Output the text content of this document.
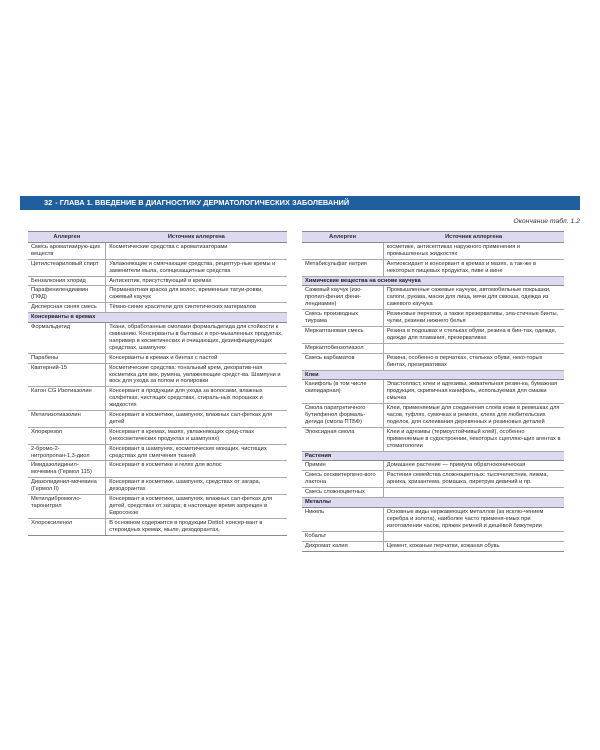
32 - ГЛАВА 1. ВВЕДЕНИЕ В ДИАГНОСТИКУ ДЕРМАТОЛОГИЧЕСКИХ ЗАБОЛЕВАНИЙ
Окончание табл. 1.2
Аллерген	Источник аллергена
Смесь ароматизирую-щих веществ	Косметические средства с ароматизаторами
Цетилстеариловый спирт	Увлажняющие и смягчающие средства, рецептур-ные кремы и заменители мыла, солнцезащитные средства
Бензалкония хлорид	Антисептик, присутствующий в кремах
Парафенилендиамин (ПФД)	Перманентная краска для волос, временные татуи-ровки, сажевый каучук
Дисперсная синяя смесь	Тёмно-синие красители для синтетических материалов
Консерванты в кремах	
Формальдегид	Ткани, обработанные смолами формальдегида для стойкости к сминанию. Консерванты в бытовых и про-мышленных продуктах, например в косметических и очищающих, дезинфицирующих средствах, шампунях
Парабены	Консерванты в кремах и бинтах с пастой
Кватерний-15	Косметические средства: тональный крем, декоратив-ная косметика для век, румяна, увлажняющие средст-ва. Шампуни и воск для ухода за полом и полировки
Катон CG Изотиазолин	Консервант в продукции для ухода за волосами, влажных салфетках, чистящих средствах, стираль-ных порошках и жидкостях
Метилизотиазолин	Консервант в косметике, шампунях, влажных сал-фетках для детей
Хлоркрезол	Консервант в кремах, мазях, увлажняющих сред-ствах (нехосметических продуктах и шампунях)
2-бромо-2-нитропропан-1,3-диол	Консервант в шампунях, косметических моющих, чистящих средствах для смягчения тканей
Имидазолидинил-мочевина (Гермол 115)	Консервант в косметике и гелях для волос
Диазолидинил-мочевина (Гермол II)	Консервант в косметике, шампунях, средствах от загара, дезодорантах
Метилдибромогло-таронитрил	Консервант в косметике, шампунях, влажных сал-фетках для детей, средствах от загара; в настоящее время запрещен в Евросоюзе
Хлороксиленол	В основном содержится в продукции Dettol: консер-вант в стероидных кремах, мыле, дезодорантах,
Аллерген	Источник аллергена
	косметике, антисептиках наружного применения и промышленных жидкостях
Метабисульфат натрия	Антиоксидант и консервант в кремах и мазях, а так-же в некоторых пищевых продуктах, пиве и вине
Химические вещества на основе каучука	
Сажевый каучук (изо-пропил-фенил фени-лендиамин)	Промышленные сажевые каучуки, автомобильные покрышки, сапоги, рукава, маски для лица, мячи для сквоша, одежда из сажевого каучука
Смесь производных тиурама	Резиновые перчатки, а также презервативы, эла-стичные бинты, чулки, резинки нижнего белья
Меркаптановая смесь	Резина в подошвах и стельках обуви, резина в бин-тах, одежде, одежде для плавания, презервативах
Меркаптобензотиазол	
Смесь карбаматов	Резина, особенно в перчатках, стельках обуви, неко-торых бинтах, презервативах
Клеи	
Канифоль (в том числе скипидарная)	Эластопласт, клеи и адгезивы, живательная резин-ка, бумажная продукция, скрипичная канифоль, используемая для смазки смычка
Смола паратретичного бутилфенол формаль-дегида (смола ПТБФ)	Клеи, применяемые для соединения слоёв кожи в ремешках для часов, туфлях, сумочках и ремнях, клеях для любительских поделок, для склеивания деревянных и резиновых деталей
Эпоксидная смола	Клеи и адгезивы (термоустойчивый клей), особенно применяемые в судостроении, некоторых сцепляю-щих агентах в стоматологии
Растения	
Примин	Домашнее растение — примула обратноконическая
Смесь сесквитерпено-вого лактона	Растения семейства сложноцветных: тысячелистник, пижма, арника, хризантема, ромашка, пиретрум девичий и пр.
Смесь сложноцветных	
Металлы	
Никель	Основные виды нержавеющих металлов (за исклю-чением серебра и золота), наиболее часто применя-емых при изготовлении часов, пряжек ремней и дешёвой бижутерии
Кобальт	
Дихромат калия	Цемент, кожаные перчатки, кожаная обувь
